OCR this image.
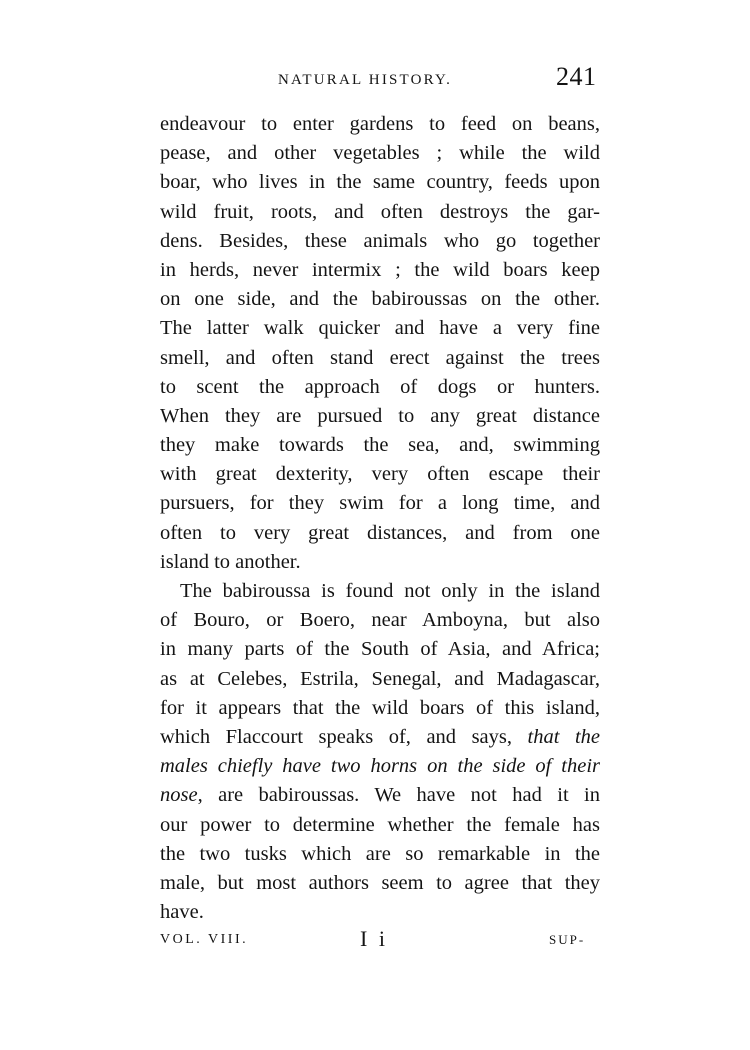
NATURAL HISTORY.	241
endeavour to enter gardens to feed on beans,
pease, and other vegetables ; while the wild
boar, who lives in the same country, feeds upon
wild fruit, roots, and often destroys the gar-
dens. Besides, these animals who go together
in herds, never intermix ; the wild boars keep
on one side, and the babiroussas on the other.
The latter walk quicker and have a very fine
smell, and often stand erect against the trees
to scent the approach of dogs or hunters.
When they are pursued to any great distance
they make towards the sea, and, swimming
with great dexterity, very often escape their
pursuers, for they swim for a long time, and
often to very great distances, and from one
island to another.
The babiroussa is found not only in the island
of Bouro, or Boero, near Amboyna, but also
in many parts of the South of Asia, and Africa;
as at Celebes, Estrila, Senegal, and Madagascar,
for it appears that the wild boars of this island,
which Flaccourt speaks of, and says, that the
males chiefly have two horns on the side of their
nose, are babiroussas. We have not had it in
our power to determine whether the female has
the two tusks which are so remarkable in the
male, but most authors seem to agree that they
have.
VOL. VIII.	I i	SUP-
